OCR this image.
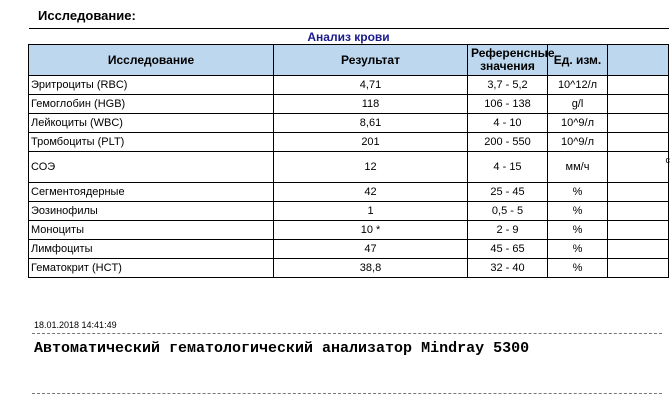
Исследование:
Анализ крови				
Исследование	Результат	Референсные значения	Ед. изм.	
Эритроциты (RBC)	4,71	3,7 - 5,2	10^12/л	

Гемоглобин (HGB)	118	106 - 138	g/l	

Лейкоциты (WBC)	8,61	4 - 10	10^9/л	

Тромбоциты (PLT)	201	200 - 550	10^9/л	

СОЭ	12	4 - 15	мм/ч	c

Сегментоядерные	42	25 - 45	%	

Эозинофилы	1	0,5 - 5	%	

Моноциты	10 *	2 - 9	%	

Лимфоциты	47	45 - 65	%	

Гематокрит (HCT)	38,8	32 - 40	%	
18.01.2018 14:41:49
Автоматический гематологический анализатор Mindray 5300
